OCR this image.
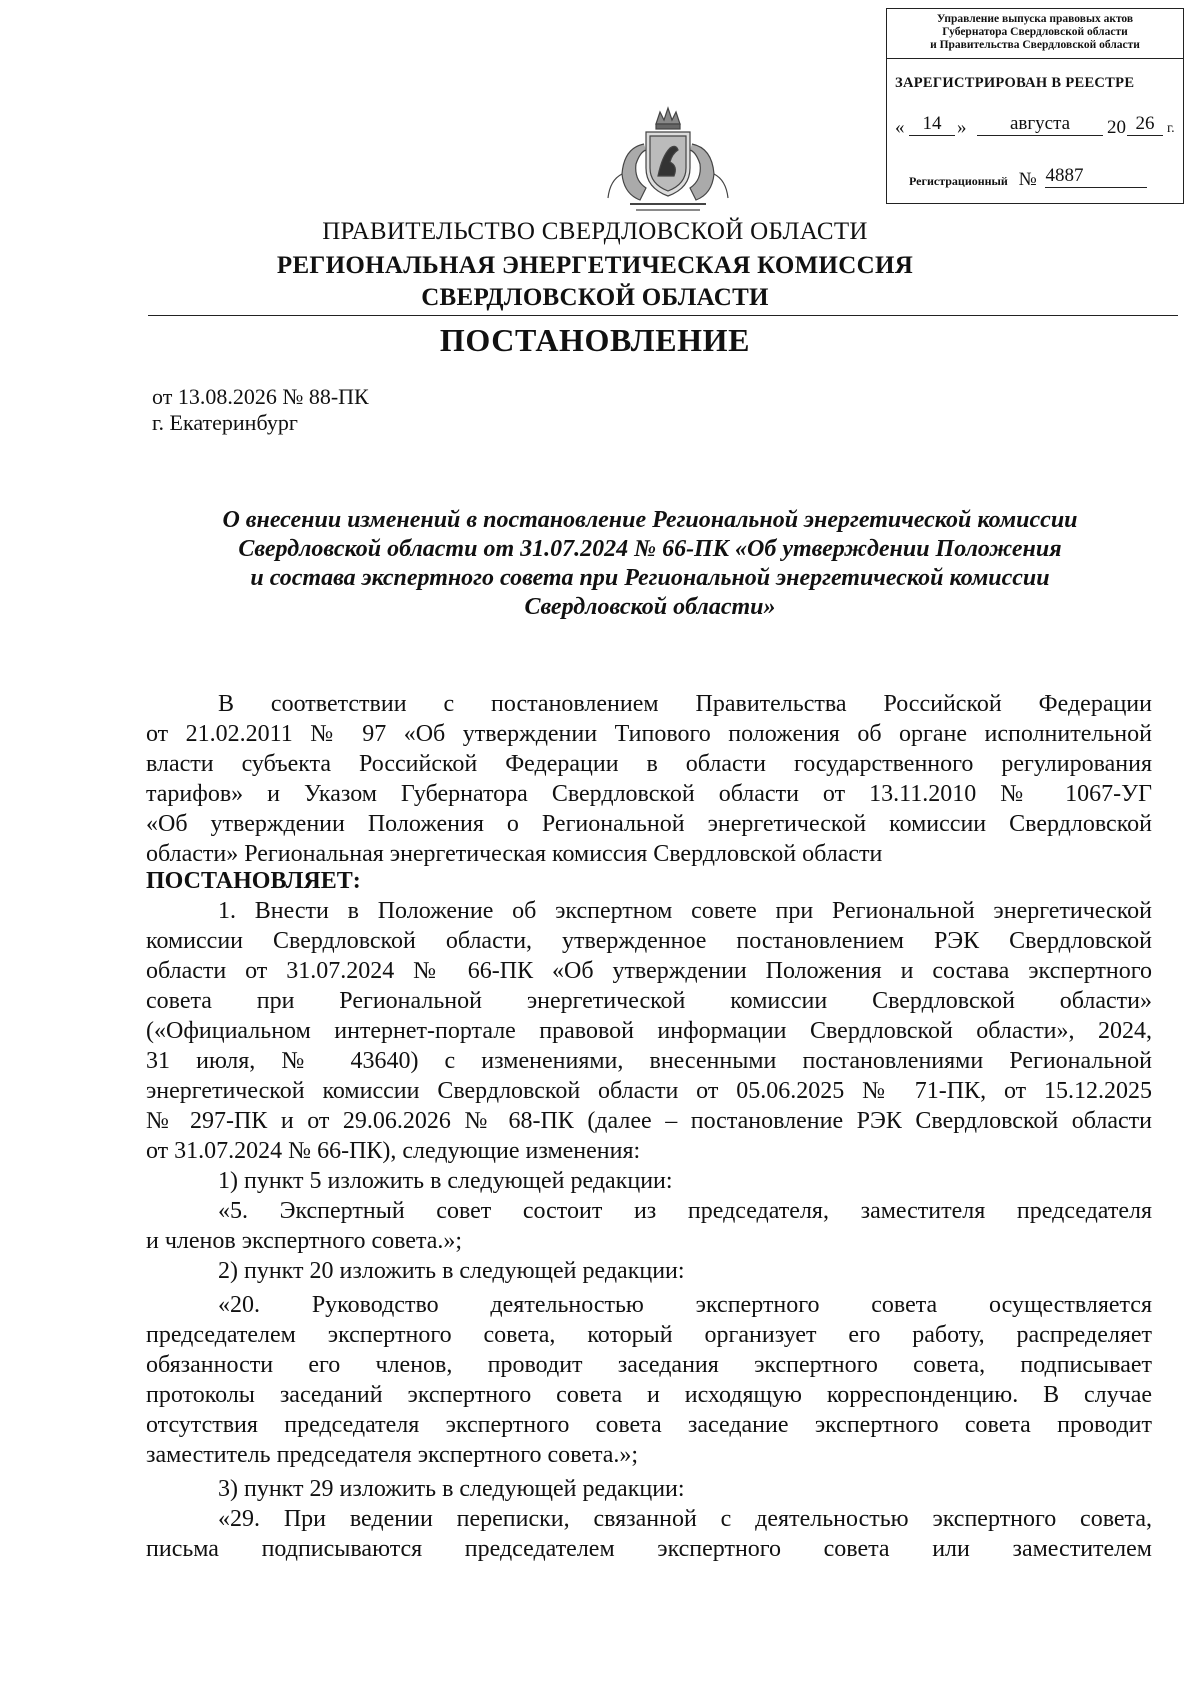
Управление выпуска правовых актов
Губернатора Свердловской области
и Правительства Свердловской области
ЗАРЕГИСТРИРОВАН В РЕЕСТРЕ
« 14 »	августа	20 26 г.
Регистрационный № 4887
ПРАВИТЕЛЬСТВО СВЕРДЛОВСКОЙ ОБЛАСТИ
РЕГИОНАЛЬНАЯ ЭНЕРГЕТИЧЕСКАЯ КОМИССИЯ
СВЕРДЛОВСКОЙ ОБЛАСТИ
ПОСТАНОВЛЕНИЕ
от 13.08.2026 № 88-ПК
г. Екатеринбург
О внесении изменений в постановление Региональной энергетической комиссии
Свердловской области от 31.07.2024 № 66-ПК «Об утверждении Положения
и состава экспертного совета при Региональной энергетической комиссии
Свердловской области»
В соответствии с постановлением Правительства Российской Федерации
от 21.02.2011 № 97 «Об утверждении Типового положения об органе исполнительной
власти субъекта Российской Федерации в области государственного регулирования
тарифов» и Указом Губернатора Свердловской области от 13.11.2010 № 1067-УГ
«Об утверждении Положения о Региональной энергетической комиссии Свердловской
области» Региональная энергетическая комиссия Свердловской области
ПОСТАНОВЛЯЕТ:
1. Внести в Положение об экспертном совете при Региональной энергетической
комиссии Свердловской области, утвержденное постановлением РЭК Свердловской
области от 31.07.2024 № 66-ПК «Об утверждении Положения и состава экспертного
совета при Региональной энергетической комиссии Свердловской области»
(«Официальном интернет-портале правовой информации Свердловской области», 2024,
31 июля, № 43640) с изменениями, внесенными постановлениями Региональной
энергетической комиссии Свердловской области от 05.06.2025 № 71-ПК, от 15.12.2025
№ 297-ПК и от 29.06.2026 № 68-ПК (далее – постановление РЭК Свердловской области
от 31.07.2024 № 66-ПК), следующие изменения:
1) пункт 5 изложить в следующей редакции:
«5. Экспертный совет состоит из председателя, заместителя председателя
и членов экспертного совета.»;
2) пункт 20 изложить в следующей редакции:
«20. Руководство деятельностью экспертного совета осуществляется
председателем экспертного совета, который организует его работу, распределяет
обязанности его членов, проводит заседания экспертного совета, подписывает
протоколы заседаний экспертного совета и исходящую корреспонденцию. В случае
отсутствия председателя экспертного совета заседание экспертного совета проводит
заместитель председателя экспертного совета.»;
3) пункт 29 изложить в следующей редакции:
«29. При ведении переписки, связанной с деятельностью экспертного совета,
письма подписываются председателем экспертного совета или заместителем
